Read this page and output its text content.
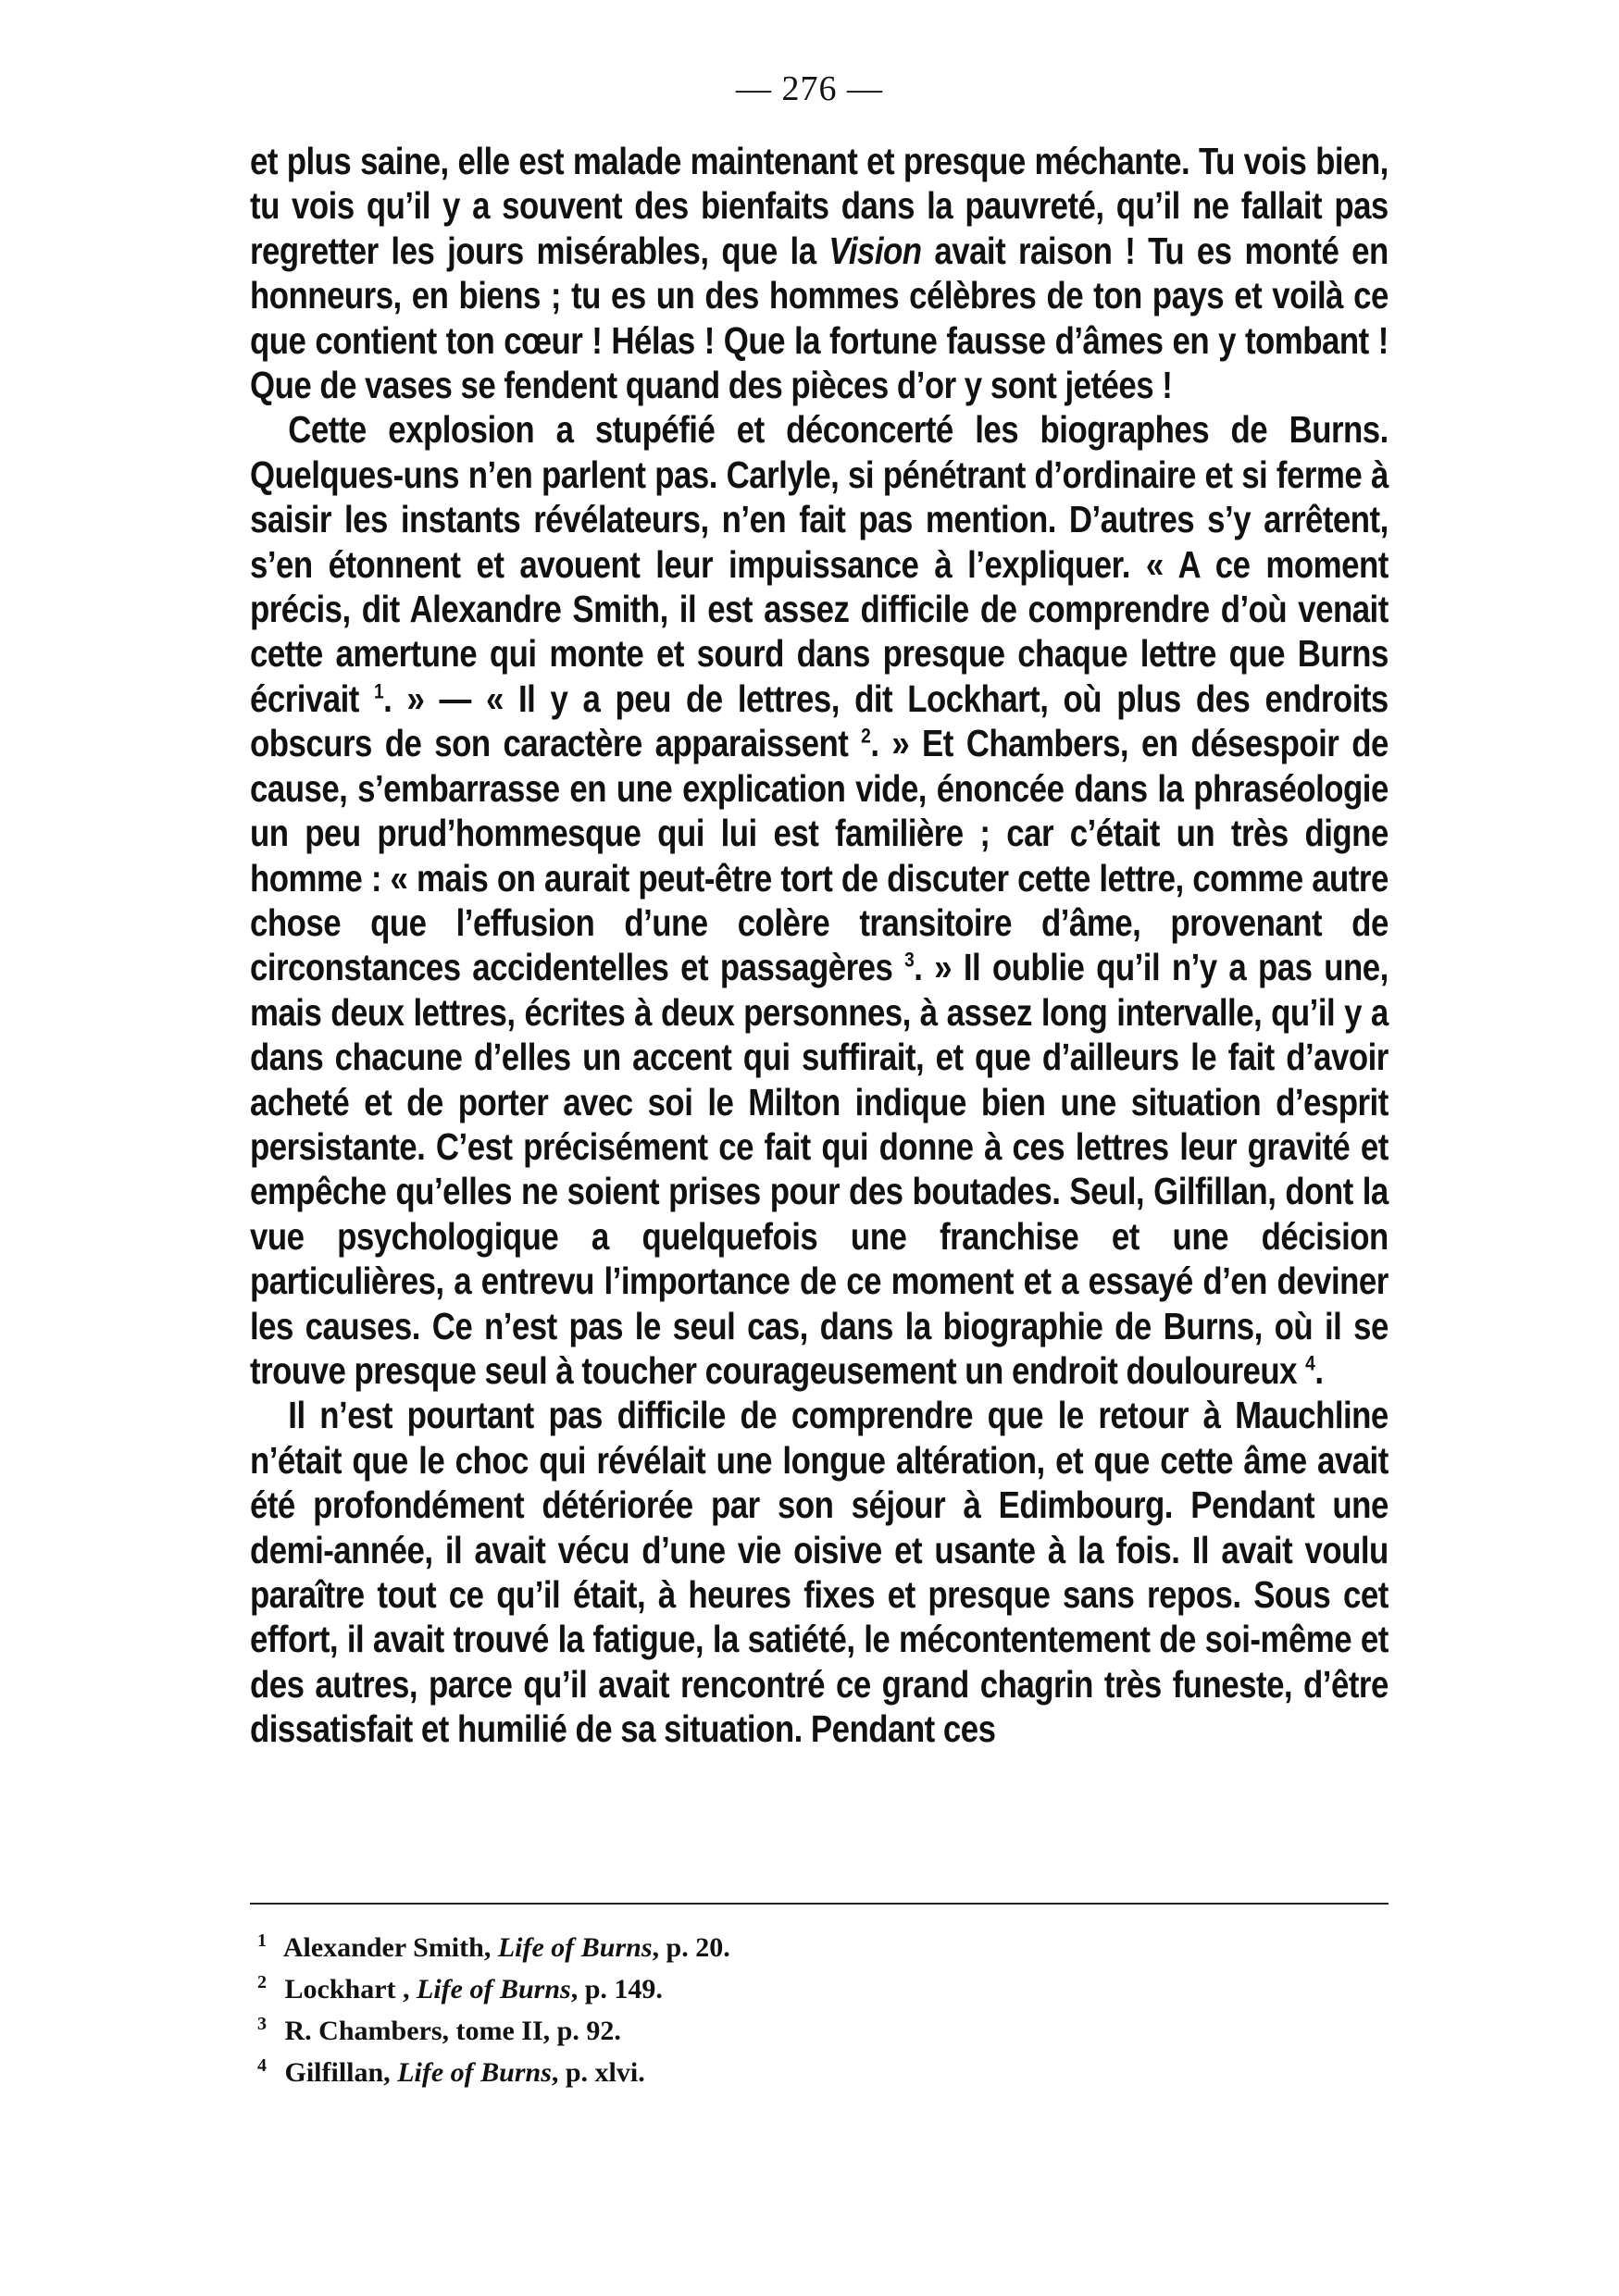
— 276 —

et plus saine, elle est malade maintenant et presque méchante. Tu vois bien, tu vois qu’il y a souvent des bienfaits dans la pauvreté, qu’il ne fallait pas regretter les jours misérables, que la Vision avait raison ! Tu es monté en honneurs, en biens ; tu es un des hommes célèbres de ton pays et voilà ce que contient ton cœur ! Hélas ! Que la fortune fausse d’âmes en y tombant ! Que de vases se fendent quand des pièces d’or y sont jetées !

Cette explosion a stupéfié et déconcerté les biographes de Burns. Quelques-uns n’en parlent pas. Carlyle, si pénétrant d’ordinaire et si ferme à saisir les instants révélateurs, n’en fait pas mention. D’autres s’y arrêtent, s’en étonnent et avouent leur impuissance à l’expliquer. « A ce moment précis, dit Alexandre Smith, il est assez difficile de comprendre d’où venait cette amertune qui monte et sourd dans presque chaque lettre que Burns écrivait $^1$. » — « Il y a peu de lettres, dit Lockhart, où plus des endroits obscurs de son caractère apparaissent $^2$. » Et Chambers, en désespoir de cause, s’embarrasse en une explication vide, énoncée dans la phraséologie un peu prud’hommesque qui lui est familière ; car c’était un très digne homme : « mais on aurait peut-être tort de discuter cette lettre, comme autre chose que l’effusion d’une colère transitoire d’âme, provenant de circonstances accidentelles et passagères $^3$. » Il oublie qu’il n’y a pas une, mais deux lettres, écrites à deux personnes, à assez long intervalle, qu’il y a dans chacune d’elles un accent qui suffirait, et que d’ailleurs le fait d’avoir acheté et de porter avec soi le Milton indique bien une situation d’esprit persistante. C’est précisément ce fait qui donne à ces lettres leur gravité et empêche qu’elles ne soient prises pour des boutades. Seul, Gilfillan, dont la vue psychologique a quelquefois une franchise et une décision particulières, a entrevu l’importance de ce moment et a essayé d’en deviner les causes. Ce n’est pas le seul cas, dans la biographie de Burns, où il se trouve presque seul à toucher courageusement un endroit douloureux $^4$.

Il n’est pourtant pas difficile de comprendre que le retour à Mauchline n’était que le choc qui révélait une longue altération, et que cette âme avait été profondément détériorée par son séjour à Edimbourg. Pendant une demi-année, il avait vécu d’une vie oisive et usante à la fois. Il avait voulu paraître tout ce qu’il était, à heures fixes et presque sans repos. Sous cet effort, il avait trouvé la fatigue, la satiété, le mécontentement de soi-même et des autres, parce qu’il avait rencontré ce grand chagrin très funeste, d’être dissatisfait et humilié de sa situation. Pendant ces

1 Alexander Smith, Life of Burns, p. 20.
2 Lockhart , Life of Burns, p. 149.
3 R. Chambers, tome II, p. 92.
4 Gilfillan, Life of Burns, p. xlvi.
